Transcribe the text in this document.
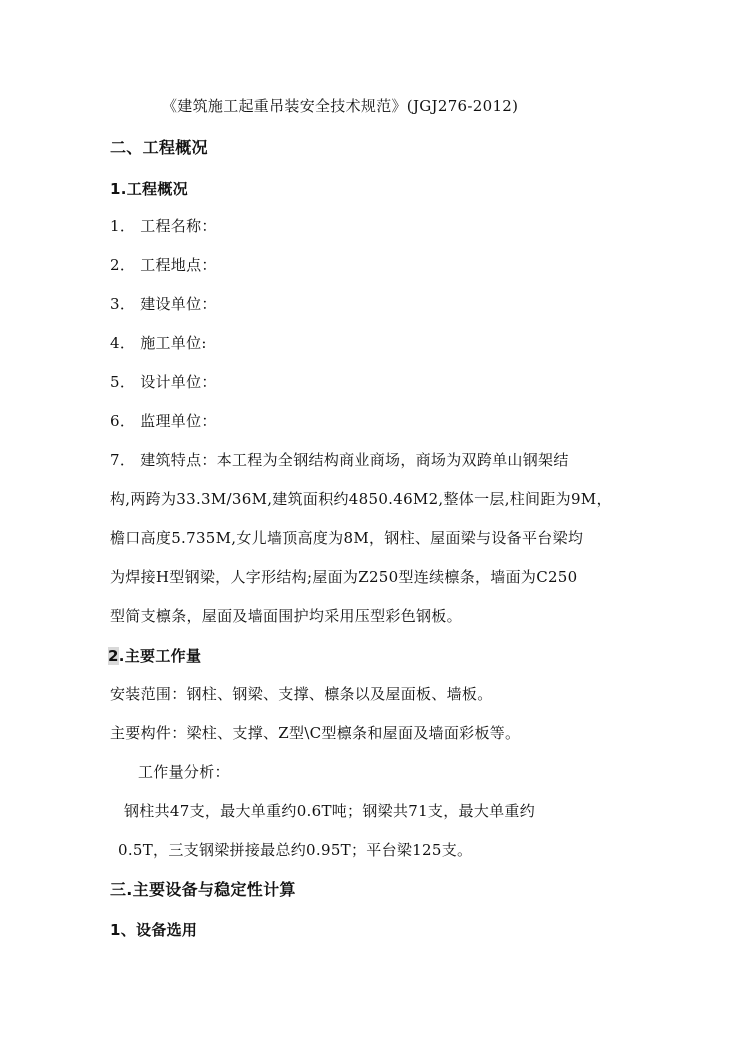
《建筑施工起重吊装安全技术规范》(JGJ276-2012)
二、工程概况
1.工程概况
1． 工程名称：
2． 工程地点：
3． 建设单位：
4． 施工单位:
5． 设计单位：
6． 监理单位：
7． 建筑特点：本工程为全钢结构商业商场，商场为双跨单山钢架结
构,两跨为33.3M/36M,建筑面积约4850.46M2,整体一层,柱间距为9M，
檐口高度5.735M,女儿墙顶高度为8M，钢柱、屋面梁与设备平台梁均
为焊接H型钢梁，人字形结构;屋面为Z250型连续檩条，墙面为C250
型简支檩条，屋面及墙面围护均采用压型彩色钢板。
2.主要工作量
安装范围：钢柱、钢梁、支撑、檩条以及屋面板、墙板。
主要构件：梁柱、支撑、Z型\C型檩条和屋面及墙面彩板等。
工作量分析：
钢柱共47支，最大单重约0.6T吨；钢梁共71支，最大单重约
0.5T，三支钢梁拼接最总约0.95T；平台梁125支。
三.主要设备与稳定性计算
1、设备选用
